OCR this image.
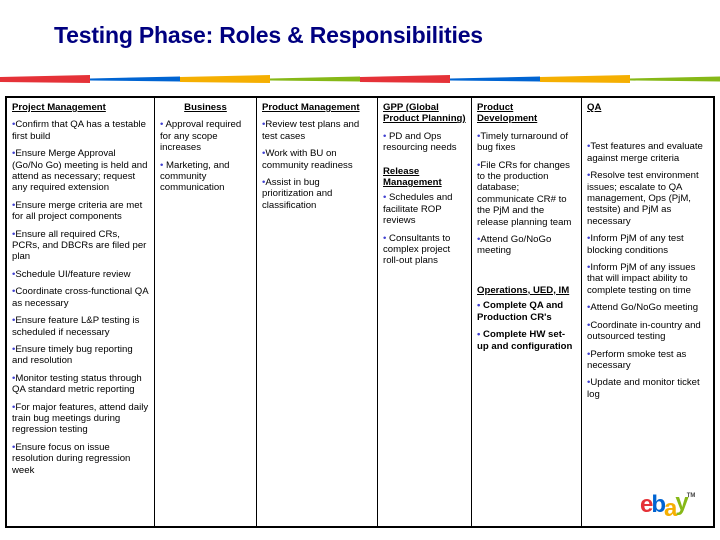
Testing Phase: Roles & Responsibilities
Project Management
•Confirm that QA has a testable first build
•Ensure Merge Approval (Go/No Go) meeting is held and attend as necessary; request any required extension
•Ensure merge criteria are met for all project components
•Ensure all required CRs, PCRs, and DBCRs are filed per plan
•Schedule UI/feature review
•Coordinate cross-functional QA as necessary
•Ensure feature L&P testing is scheduled if necessary
•Ensure timely bug reporting and resolution
•Monitor testing status through QA standard metric reporting
•For major features, attend daily train bug meetings during regression testing
•Ensure focus on issue resolution during regression week
Business
• Approval required for any scope increases
• Marketing, and community communication
Product Management
•Review test plans and test cases
•Work with BU on community readiness
•Assist in bug prioritization and classification
GPP (Global Product Planning)
• PD and Ops resourcing needs
Release Management
• Schedules and facilitate ROP reviews
• Consultants to complex project roll-out plans
Product Development
•Timely turnaround of bug fixes
•File CRs for changes to the production database; communicate CR# to the PjM and the release planning team
•Attend Go/NoGo meeting
Operations, UED, IM
• Complete QA and Production CR's
• Complete HW set-up and configuration
QA
•Test features and evaluate against merge criteria
•Resolve test environment issues; escalate to QA management, Ops (PjM, testsite) and PjM as necessary
•Inform PjM of any test blocking conditions
•Inform PjM of any issues that will impact ability to complete testing on time
•Attend Go/NoGo meeting
•Coordinate in-country and outsourced testing
•Perform smoke test as necessary
•Update and monitor ticket log
ebay™
